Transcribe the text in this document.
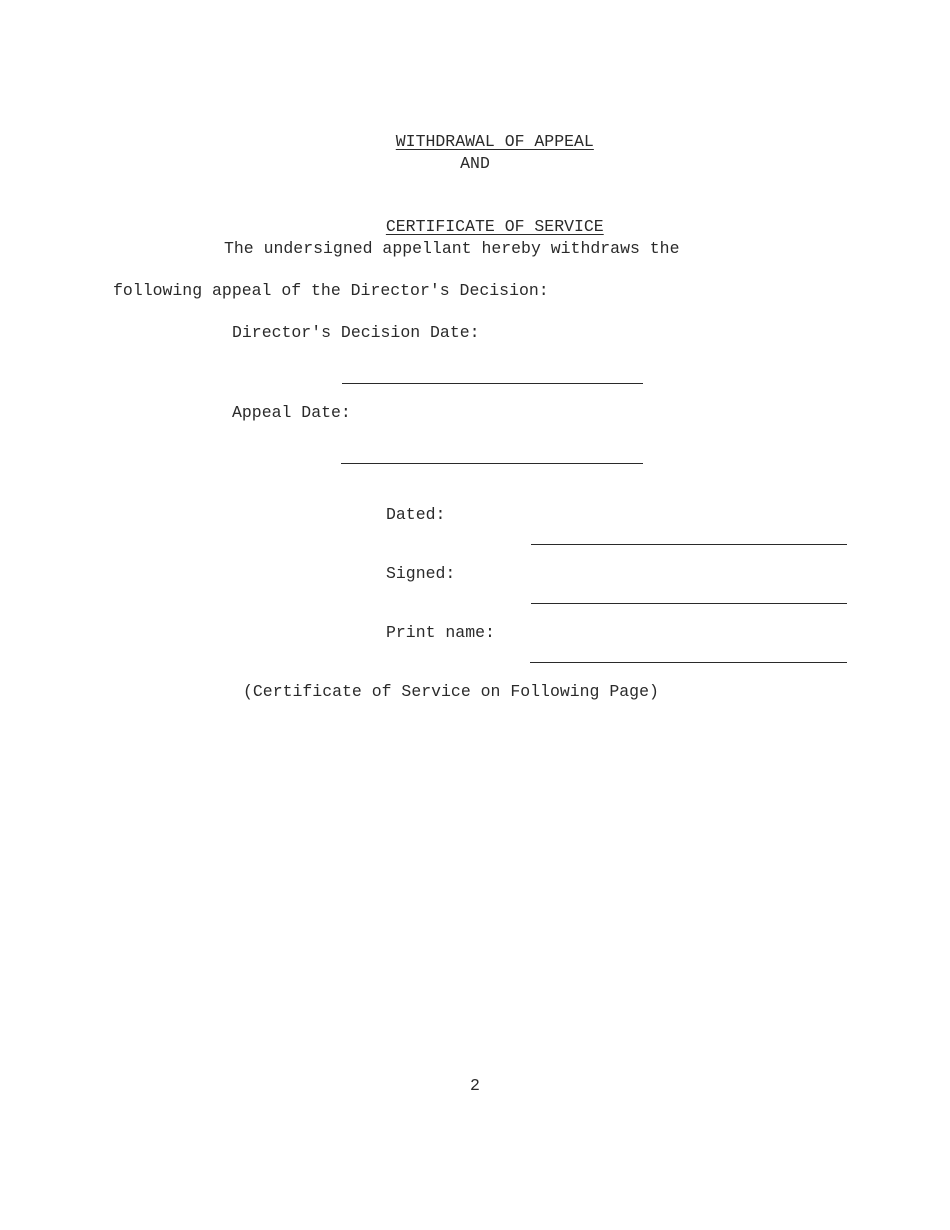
WITHDRAWAL OF APPEAL

AND

CERTIFICATE OF SERVICE

The undersigned appellant hereby withdraws the
following appeal of the Director's Decision:
Director's Decision Date:
Appeal Date:
Dated:
Signed:
Print name:
(Certificate of Service on Following Page)
2
